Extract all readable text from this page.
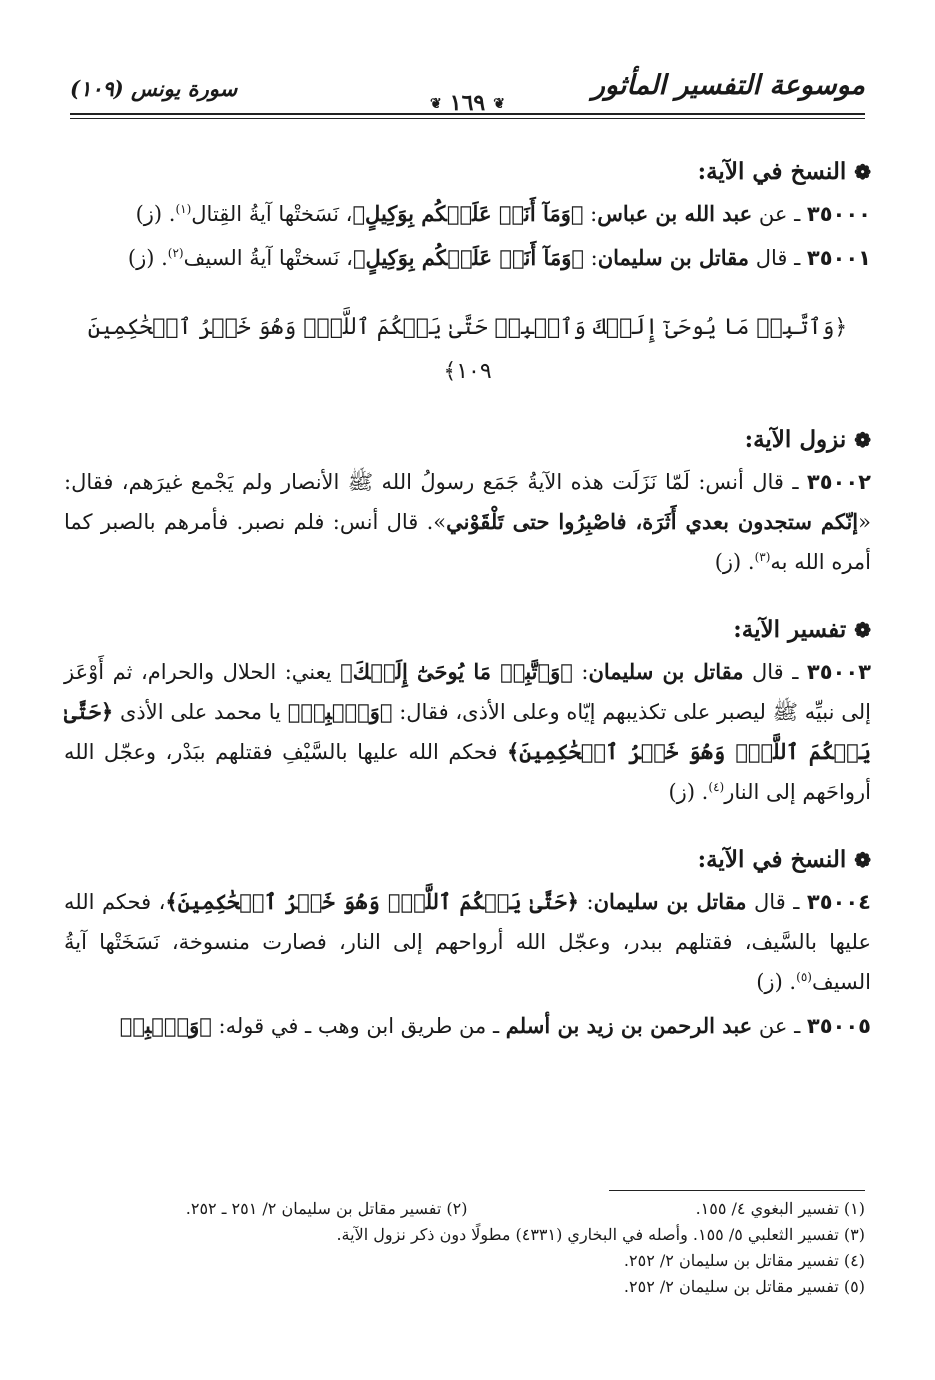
موسوعة التفسير المأثور
❦١٦٩❦
سورة يونس (١٠٩)

❁النسخ في الآية:

٣٥٠٠٠ ـ عن عبد الله بن عباس: ﴿وَمَآ أَنَا۠ عَلَيۡكُم بِوَكِيلٍ﴾، نَسَختْها آيةُ القِتال$^{(١)}$. (ز)

٣٥٠٠١ ـ قال مقاتل بن سليمان: ﴿وَمَآ أَنَا۠ عَلَيۡكُم بِوَكِيلٍ﴾، نَسختْها آيةُ السيف$^{(٢)}$. (ز)

﴿وَٱتَّبِعۡ مَا يُوحَىٰٓ إِلَيۡكَ وَٱصۡبِرۡ حَتَّىٰ يَحۡكُمَ ٱللَّهُۚ وَهُوَ خَيۡرُ ٱلۡحَٰكِمِينَ ١٠٩﴾

❁نزول الآية:

٣٥٠٠٢ ـ قال أنس: لَمّا نَزَلَت هذه الآيةُ جَمَع رسولُ الله ﷺ الأنصار ولم يَجْمع غيرَهم، فقال: «إنّكم ستجدون بعدي أَثَرَة، فاصْبِرُوا حتى تَلْقَوْني». قال أنس: فلم نصبر. فأمرهم بالصبر كما أمره الله به$^{(٣)}$. (ز)

❁تفسير الآية:

٣٥٠٠٣ ـ قال مقاتل بن سليمان: ﴿وَٱتَّبِعۡ مَا يُوحَىٰٓ إِلَيۡكَ﴾ يعني: الحلال والحرام، ثم أَوْعَز إلى نبيِّه ﷺ ليصبر على تكذيبهم إيّاه وعلى الأذى، فقال: ﴿وَٱصۡبِرۡ﴾ يا محمد على الأذى ﴿حَتَّىٰ يَحۡكُمَ ٱللَّهُۚ وَهُوَ خَيۡرُ ٱلۡحَٰكِمِينَ﴾ فحكم الله عليها بالسَّيْفِ فقتلهم ببَدْر، وعجّل الله أرواحَهم إلى النار$^{(٤)}$. (ز)

❁النسخ في الآية:

٣٥٠٠٤ ـ قال مقاتل بن سليمان: ﴿حَتَّىٰ يَحۡكُمَ ٱللَّهُۚ وَهُوَ خَيۡرُ ٱلۡحَٰكِمِينَ﴾، فحكم الله عليها بالسَّيف، فقتلهم ببدر، وعجّل الله أرواحهم إلى النار، فصارت منسوخة، نَسَخَتْها آيةُ السيف$^{(٥)}$. (ز)

٣٥٠٠٥ ـ عن عبد الرحمن بن زيد بن أسلم ـ من طريق ابن وهب ـ في قوله: ﴿وَٱصۡبِرۡ

(١) تفسير البغوي ٤/ ١٥٥.
(٢) تفسير مقاتل بن سليمان ٢/ ٢٥١ ـ ٢٥٢.
(٣) تفسير الثعلبي ٥/ ١٥٥. وأصله في البخاري (٤٣٣١) مطولًا دون ذكر نزول الآية.
(٤) تفسير مقاتل بن سليمان ٢/ ٢٥٢.
(٥) تفسير مقاتل بن سليمان ٢/ ٢٥٢.
